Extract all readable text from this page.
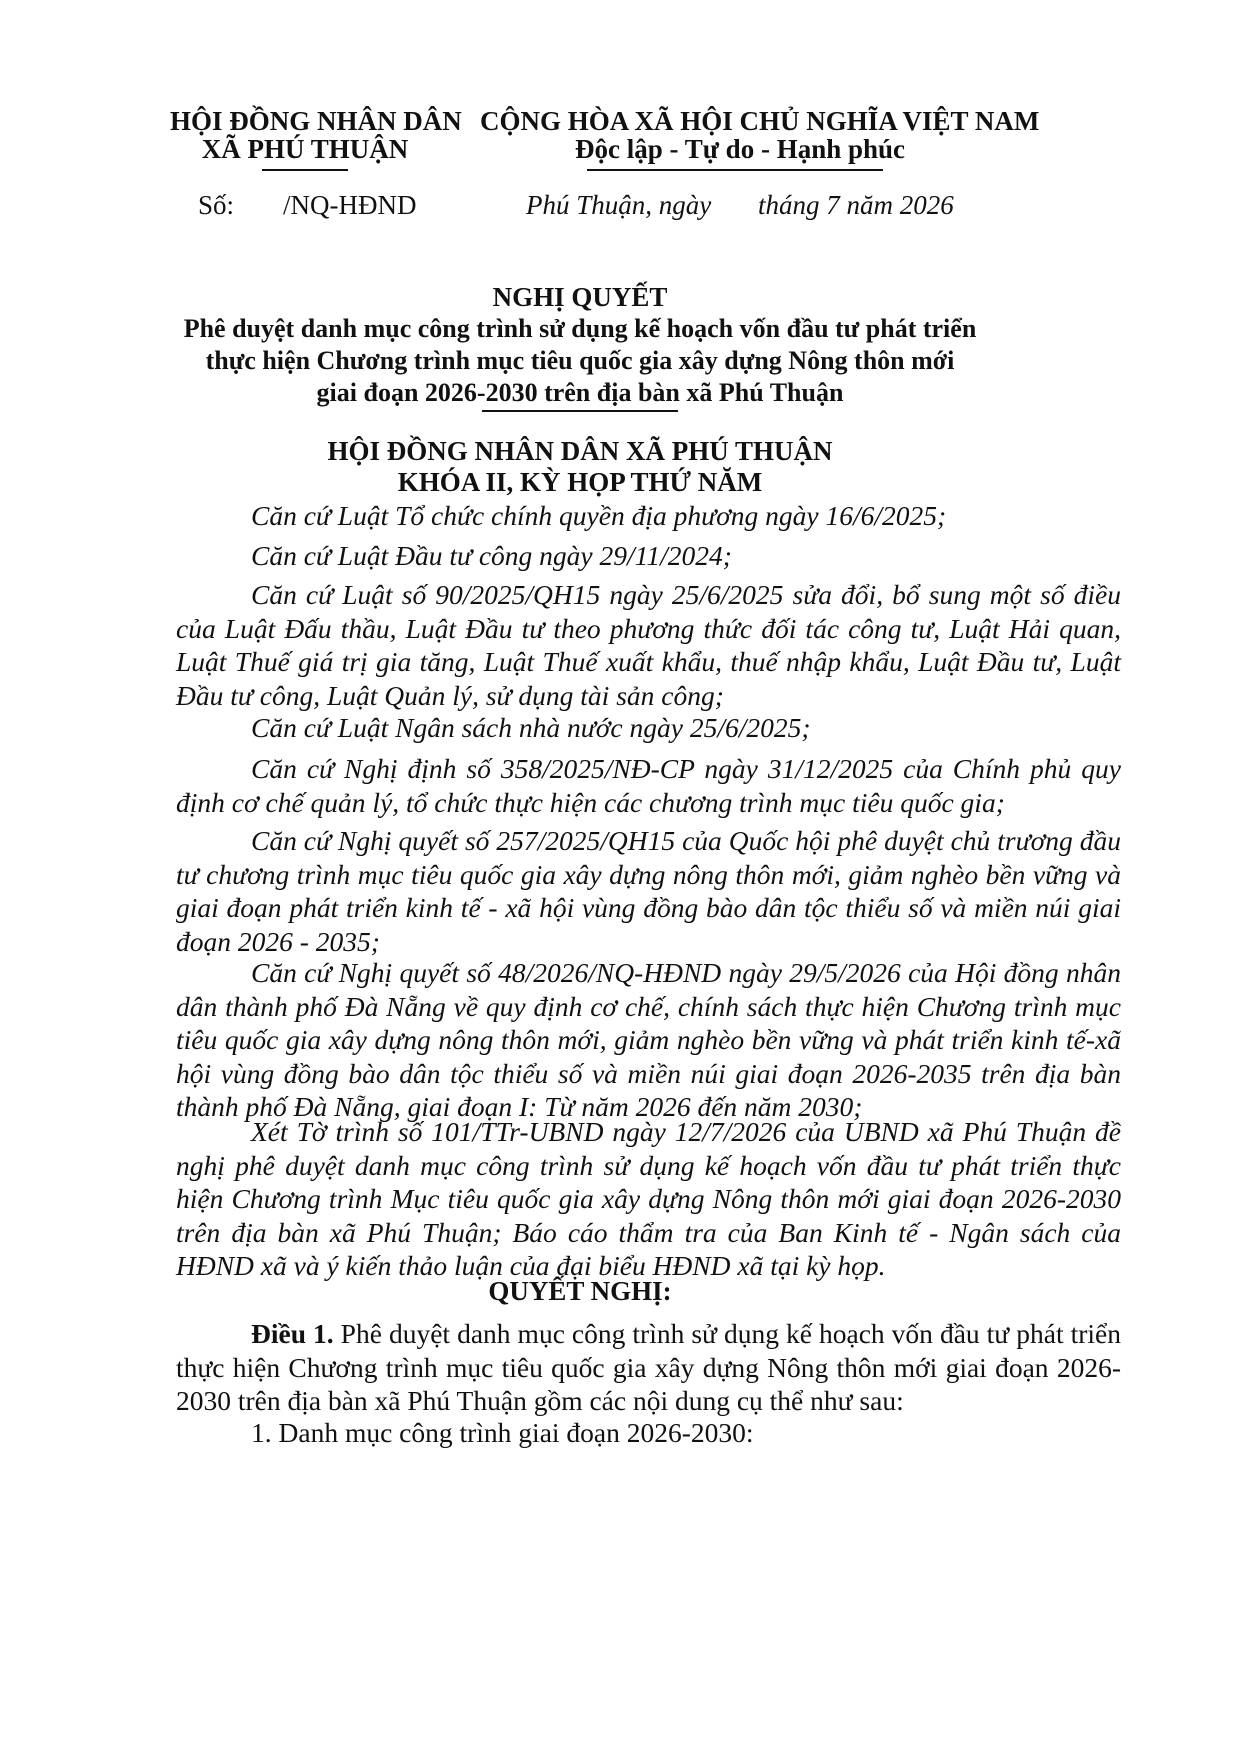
HỘI ĐỒNG NHÂN DÂN
XÃ PHÚ THUẬN
CỘNG HÒA XÃ HỘI CHỦ NGHĨA VIỆT NAM
Độc lập - Tự do - Hạnh phúc
Số: /NQ-HĐND	Phú Thuận, ngày tháng 7 năm 2026
NGHỊ QUYẾT
Phê duyệt danh mục công trình sử dụng kế hoạch vốn đầu tư phát triển
thực hiện Chương trình mục tiêu quốc gia xây dựng Nông thôn mới
giai đoạn 2026-2030 trên địa bàn xã Phú Thuận
HỘI ĐỒNG NHÂN DÂN XÃ PHÚ THUẬN
KHÓA II, KỲ HỌP THỨ NĂM
Căn cứ Luật Tổ chức chính quyền địa phương ngày 16/6/2025;
Căn cứ Luật Đầu tư công ngày 29/11/2024;
Căn cứ Luật số 90/2025/QH15 ngày 25/6/2025 sửa đổi, bổ sung một số điều của Luật Đấu thầu, Luật Đầu tư theo phương thức đối tác công tư, Luật Hải quan, Luật Thuế giá trị gia tăng, Luật Thuế xuất khẩu, thuế nhập khẩu, Luật Đầu tư, Luật Đầu tư công, Luật Quản lý, sử dụng tài sản công;
Căn cứ Luật Ngân sách nhà nước ngày 25/6/2025;
Căn cứ Nghị định số 358/2025/NĐ-CP ngày 31/12/2025 của Chính phủ quy định cơ chế quản lý, tổ chức thực hiện các chương trình mục tiêu quốc gia;
Căn cứ Nghị quyết số 257/2025/QH15 của Quốc hội phê duyệt chủ trương đầu tư chương trình mục tiêu quốc gia xây dựng nông thôn mới, giảm nghèo bền vững và giai đoạn phát triển kinh tế - xã hội vùng đồng bào dân tộc thiểu số và miền núi giai đoạn 2026 - 2035;
Căn cứ Nghị quyết số 48/2026/NQ-HĐND ngày 29/5/2026 của Hội đồng nhân dân thành phố Đà Nẵng về quy định cơ chế, chính sách thực hiện Chương trình mục tiêu quốc gia xây dựng nông thôn mới, giảm nghèo bền vững và phát triển kinh tế-xã hội vùng đồng bào dân tộc thiểu số và miền núi giai đoạn 2026-2035 trên địa bàn thành phố Đà Nẵng, giai đoạn I: Từ năm 2026 đến năm 2030;
Xét Tờ trình số 101/TTr-UBND ngày 12/7/2026 của UBND xã Phú Thuận đề nghị phê duyệt danh mục công trình sử dụng kế hoạch vốn đầu tư phát triển thực hiện Chương trình Mục tiêu quốc gia xây dựng Nông thôn mới giai đoạn 2026-2030 trên địa bàn xã Phú Thuận; Báo cáo thẩm tra của Ban Kinh tế - Ngân sách của HĐND xã và ý kiến thảo luận của đại biểu HĐND xã tại kỳ họp.
QUYẾT NGHỊ:
Điều 1. Phê duyệt danh mục công trình sử dụng kế hoạch vốn đầu tư phát triển thực hiện Chương trình mục tiêu quốc gia xây dựng Nông thôn mới giai đoạn 2026-2030 trên địa bàn xã Phú Thuận gồm các nội dung cụ thể như sau:
1. Danh mục công trình giai đoạn 2026-2030:
